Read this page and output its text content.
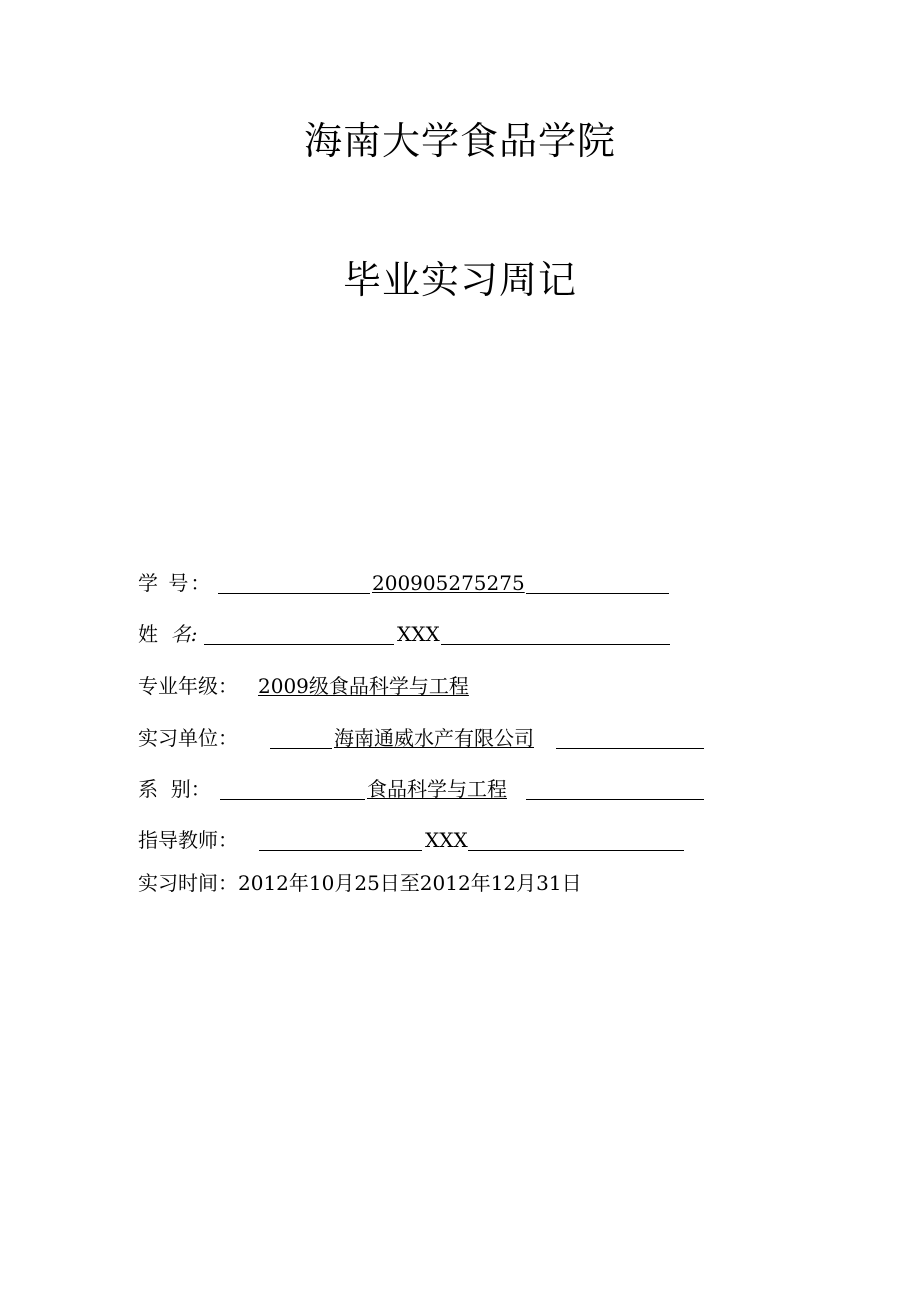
海南大学食品学院
毕业实习周记
学 号：	200905275275
姓  名:	XXX
专业年级： 2009级食品科学与工程
实习单位：	海南通威水产有限公司
系  别：	食品科学与工程
指导教师：	XXX
实习时间： 2012年10月25日至2012年12月31日
